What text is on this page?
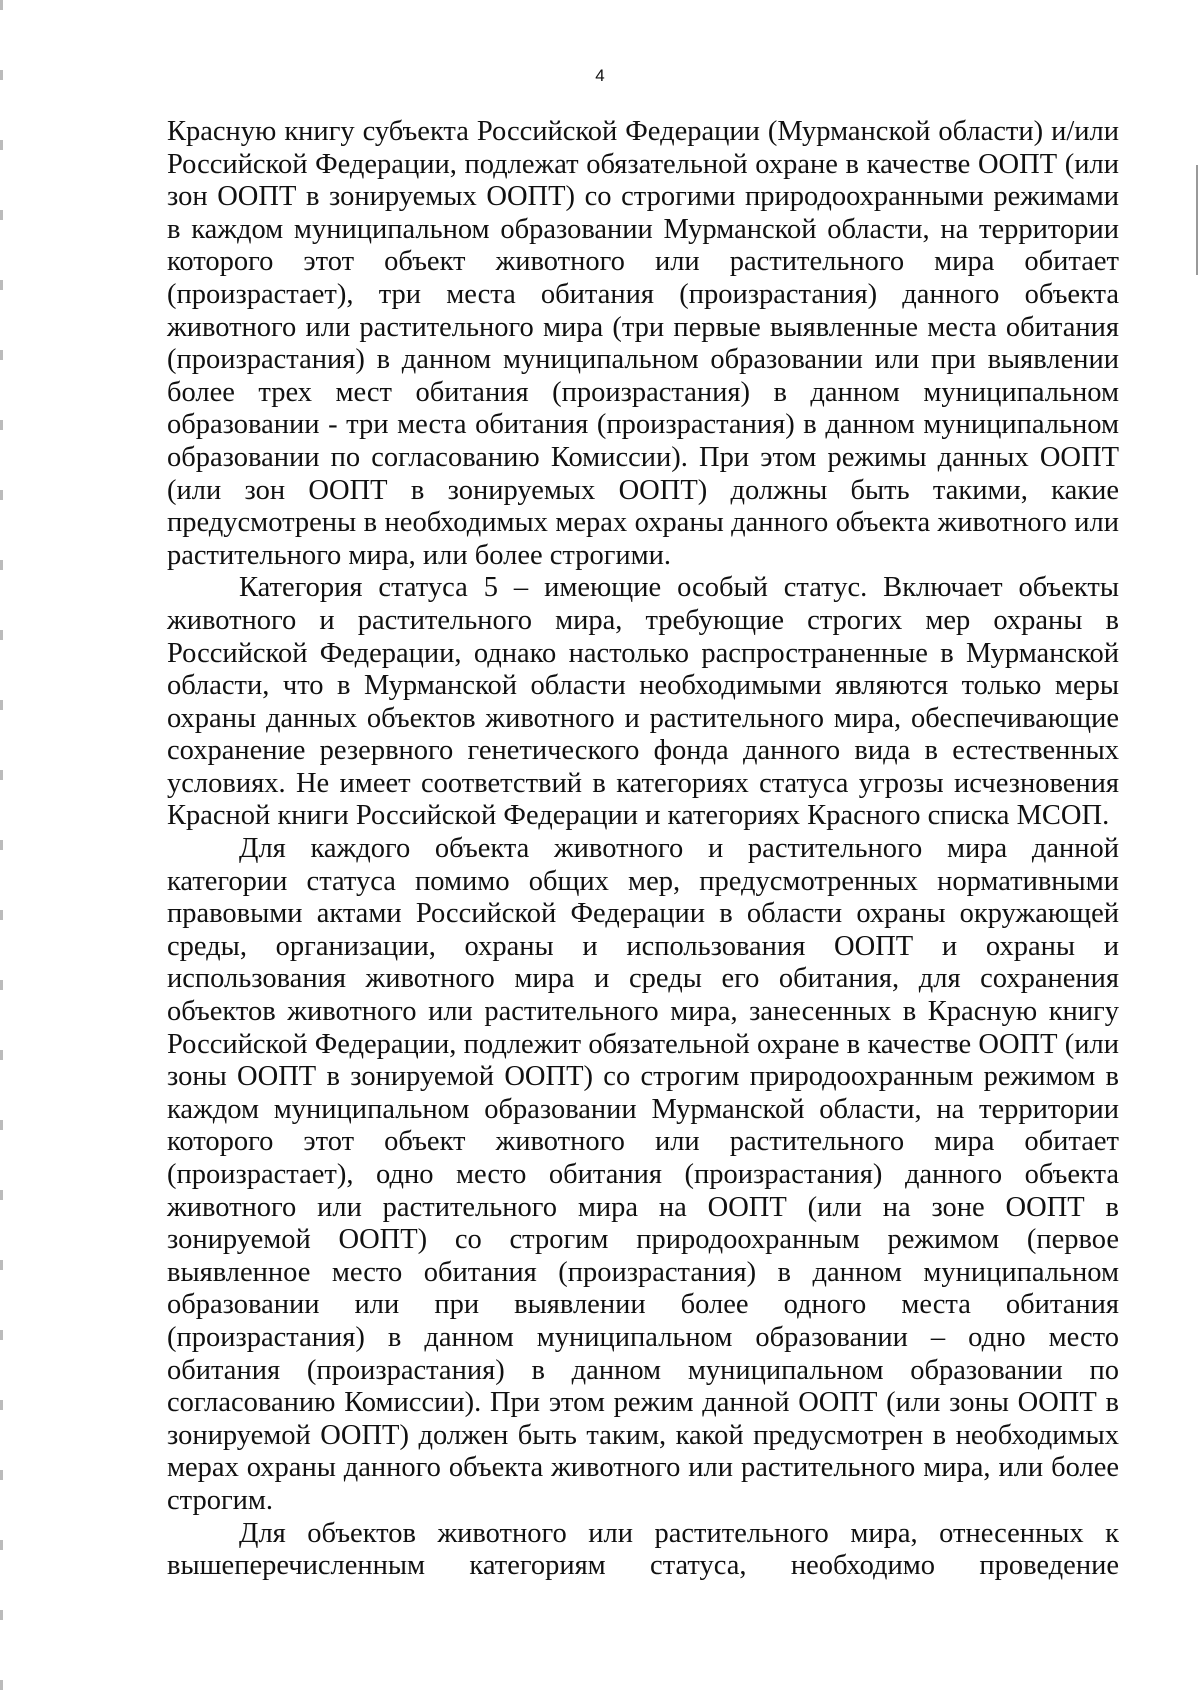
4

Красную книгу субъекта Российской Федерации (Мурманской области) и/или Российской Федерации, подлежат обязательной охране в качестве ООПТ (или зон ООПТ в зонируемых ООПТ) со строгими природоохранными режимами в каждом муниципальном образовании Мурманской области, на территории которого этот объект животного или растительного мира обитает (произрастает), три места обитания (произрастания) данного объекта животного или растительного мира (три первые выявленные места обитания (произрастания) в данном муниципальном образовании или при выявлении более трех мест обитания (произрастания) в данном муниципальном образовании - три места обитания (произрастания) в данном муниципальном образовании по согласованию Комиссии). При этом режимы данных ООПТ (или зон ООПТ в зонируемых ООПТ) должны быть такими, какие предусмотрены в необходимых мерах охраны данного объекта животного или растительного мира, или более строгими.

Категория статуса 5 – имеющие особый статус. Включает объекты животного и растительного мира, требующие строгих мер охраны в Российской Федерации, однако настолько распространенные в Мурманской области, что в Мурманской области необходимыми являются только меры охраны данных объектов животного и растительного мира, обеспечивающие сохранение резервного генетического фонда данного вида в естественных условиях. Не имеет соответствий в категориях статуса угрозы исчезновения Красной книги Российской Федерации и категориях Красного списка МСОП.

Для каждого объекта животного и растительного мира данной категории статуса помимо общих мер, предусмотренных нормативными правовыми актами Российской Федерации в области охраны окружающей среды, организации, охраны и использования ООПТ и охраны и использования животного мира и среды его обитания, для сохранения объектов животного или растительного мира, занесенных в Красную книгу Российской Федерации, подлежит обязательной охране в качестве ООПТ (или зоны ООПТ в зонируемой ООПТ) со строгим природоохранным режимом в каждом муниципальном образовании Мурманской области, на территории которого этот объект животного или растительного мира обитает (произрастает), одно место обитания (произрастания) данного объекта животного или растительного мира на ООПТ (или на зоне ООПТ в зонируемой ООПТ) со строгим природоохранным режимом (первое выявленное место обитания (произрастания) в данном муниципальном образовании или при выявлении более одного места обитания (произрастания) в данном муниципальном образовании – одно место обитания (произрастания) в данном муниципальном образовании по согласованию Комиссии). При этом режим данной ООПТ (или зоны ООПТ в зонируемой ООПТ) должен быть таким, какой предусмотрен в необходимых мерах охраны данного объекта животного или растительного мира, или более строгим.

Для объектов животного или растительного мира, отнесенных к вышеперечисленным категориям статуса, необходимо проведение
